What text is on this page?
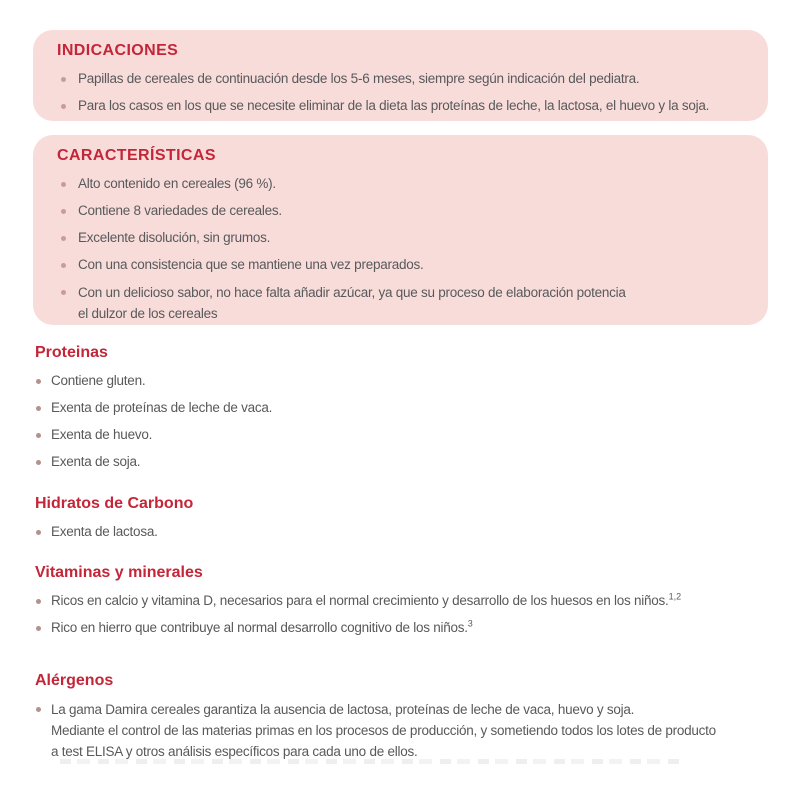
INDICACIONES
Papillas de cereales de continuación desde los 5-6 meses, siempre según indicación del pediatra.
Para los casos en los que se necesite eliminar de la dieta las proteínas de leche, la lactosa, el huevo y la soja.
CARACTERÍSTICAS
Alto contenido en cereales (96 %).
Contiene 8 variedades de cereales.
Excelente disolución, sin grumos.
Con una consistencia que se mantiene una vez preparados.
Con un delicioso sabor, no hace falta añadir azúcar, ya que su proceso de elaboración potencia
el dulzor de los cereales
Proteinas
Contiene gluten.
Exenta de proteínas de leche de vaca.
Exenta de huevo.
Exenta de soja.
Hidratos de Carbono
Exenta de lactosa.
Vitaminas y minerales
Ricos en calcio y vitamina D, necesarios para el normal crecimiento y desarrollo de los huesos en los niños.$^{1,2}$
Rico en hierro que contribuye al normal desarrollo cognitivo de los niños.$^3$
Alérgenos
La gama Damira cereales garantiza la ausencia de lactosa, proteínas de leche de vaca, huevo y soja.
Mediante el control de las materias primas en los procesos de producción, y sometiendo todos los lotes de producto
a test ELISA y otros análisis específicos para cada uno de ellos.
